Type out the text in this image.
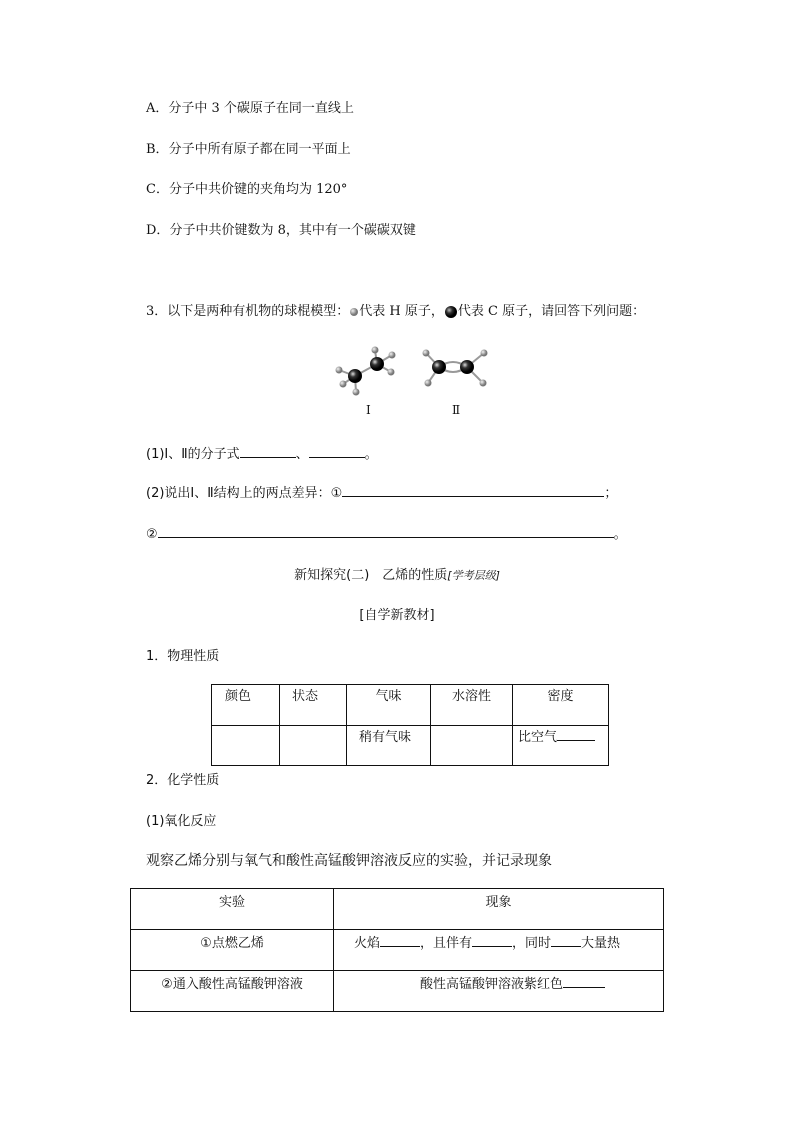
A．分子中 3 个碳原子在同一直线上
B．分子中所有原子都在同一平面上
C．分子中共价键的夹角均为 120°
D．分子中共价键数为 8，其中有一个碳碳双键
3．以下是两种有机物的球棍模型： 代表 H 原子， 代表 C 原子，请回答下列问题：
Ⅰ	Ⅱ
(1)Ⅰ、Ⅱ的分子式	、	。
(2)说出Ⅰ、Ⅱ结构上的两点差异：①	；
②	。
新知探究(二)　乙烯的性质[学考层级]
[自学新教材]
1．物理性质
颜色	状态	气味	水溶性	密度
		稍有气味		比空气
2．化学性质
(1)氧化反应
观察乙烯分别与氧气和酸性高锰酸钾溶液反应的实验，并记录现象
实验	现象
①点燃乙烯	火焰 ，且伴有 ，同时 大量热
②通入酸性高锰酸钾溶液	酸性高锰酸钾溶液紫红色
